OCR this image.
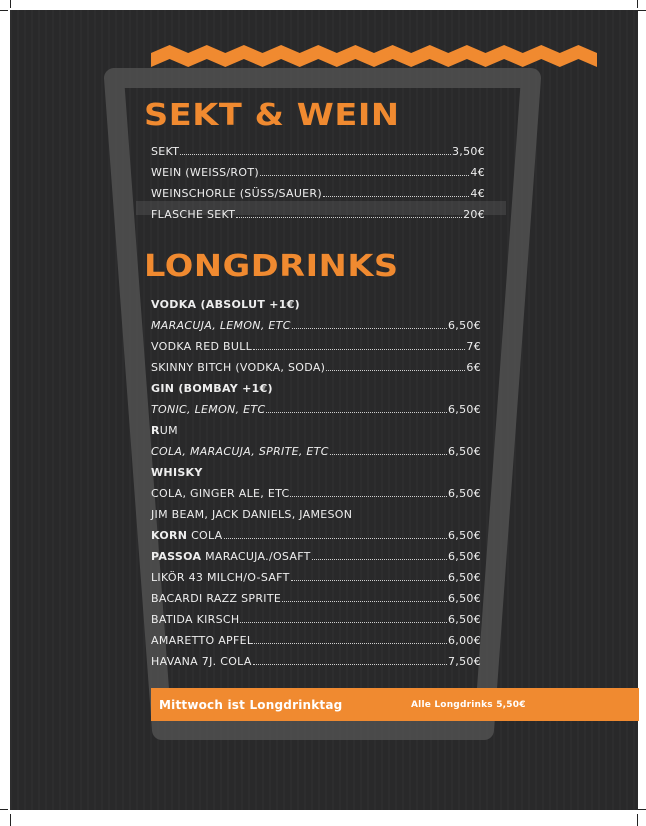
SEKT & WEIN
SEKT	3,50€
WEIN (WEISS/ROT)	4€
WEINSCHORLE (SÜSS/SAUER)	4€
FLASCHE SEKT	20€
LONGDRINKS
VODKA (ABSOLUT +1€)
MARACUJA, LEMON, ETC	6,50€
VODKA RED BULL	7€
SKINNY BITCH (VODKA, SODA)	6€
GIN (BOMBAY +1€)
TONIC, LEMON, ETC	6,50€
RUM
COLA, MARACUJA, SPRITE, ETC	6,50€
WHISKY
COLA, GINGER ALE, ETC	6,50€
JIM BEAM, JACK DANIELS, JAMESON
KORN COLA	6,50€
PASSOA MARACUJA./OSAFT	6,50€
LIKÖR 43 MILCH/O-SAFT	6,50€
BACARDI RAZZ SPRITE	6,50€
BATIDA KIRSCH	6,50€
AMARETTO APFEL	6,00€
HAVANA 7J. COLA	7,50€
Mittwoch ist Longdrinktag	Alle Longdrinks 5,50€
